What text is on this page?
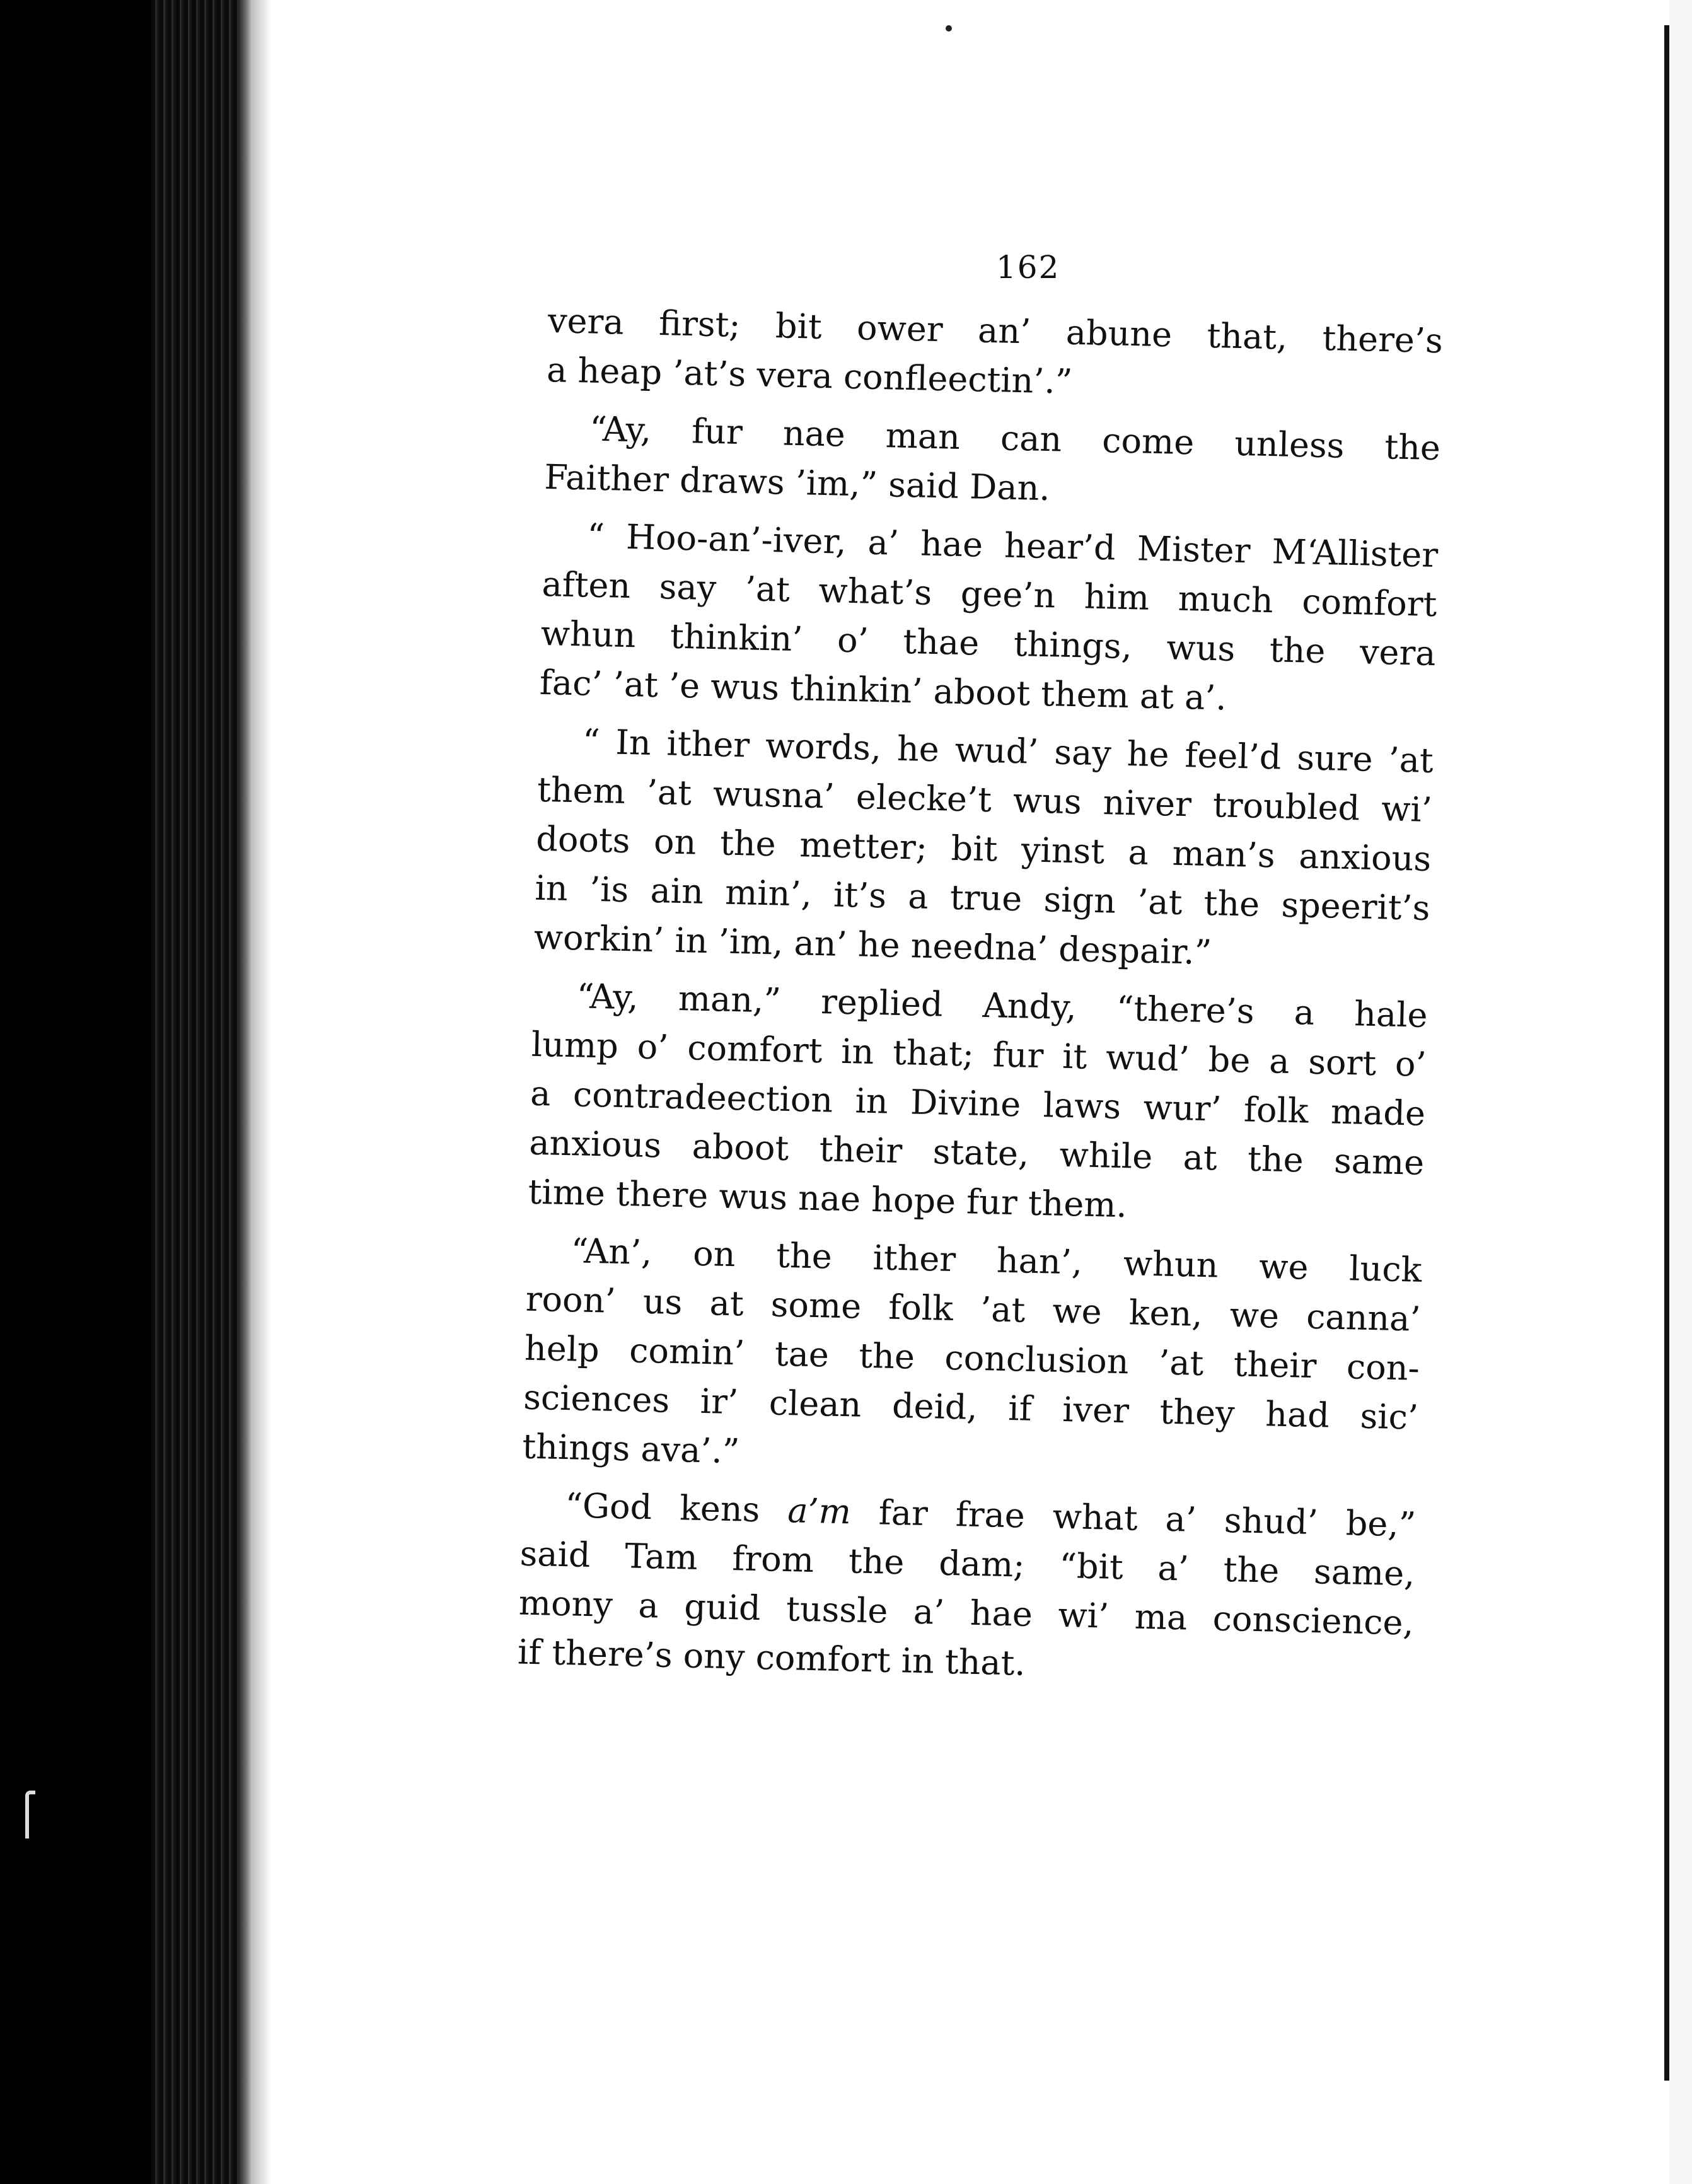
162
vera first; bit ower an’ abune that, there’s
a heap ’at’s vera confleectin’.”
“Ay, fur nae man can come unless the
Faither draws ’im,” said Dan.
“ Hoo-an’-iver, a’ hae hear’d Mister M‘Allister
aften say ’at what’s gee’n him much comfort
whun thinkin’ o’ thae things, wus the vera
fac’ ’at ’e wus thinkin’ aboot them at a’.
“ In ither words, he wud’ say he feel’d sure ’at
them ’at wusna’ elecke’t wus niver troubled wi’
doots on the metter; bit yinst a man’s anxious
in ’is ain min’, it’s a true sign ’at the speerit’s
workin’ in ’im, an’ he needna’ despair.”
“Ay, man,” replied Andy, “there’s a hale
lump o’ comfort in that; fur it wud’ be a sort o’
a contradeection in Divine laws wur’ folk made
anxious aboot their state, while at the same
time there wus nae hope fur them.
“An’, on the ither han’, whun we luck
roon’ us at some folk ’at we ken, we canna’
help comin’ tae the conclusion ’at their con-
sciences ir’ clean deid, if iver they had sic’
things ava’.”
“God kens a’m far frae what a’ shud’ be,”
said Tam from the dam; “bit a’ the same,
mony a guid tussle a’ hae wi’ ma conscience,
if there’s ony comfort in that.
